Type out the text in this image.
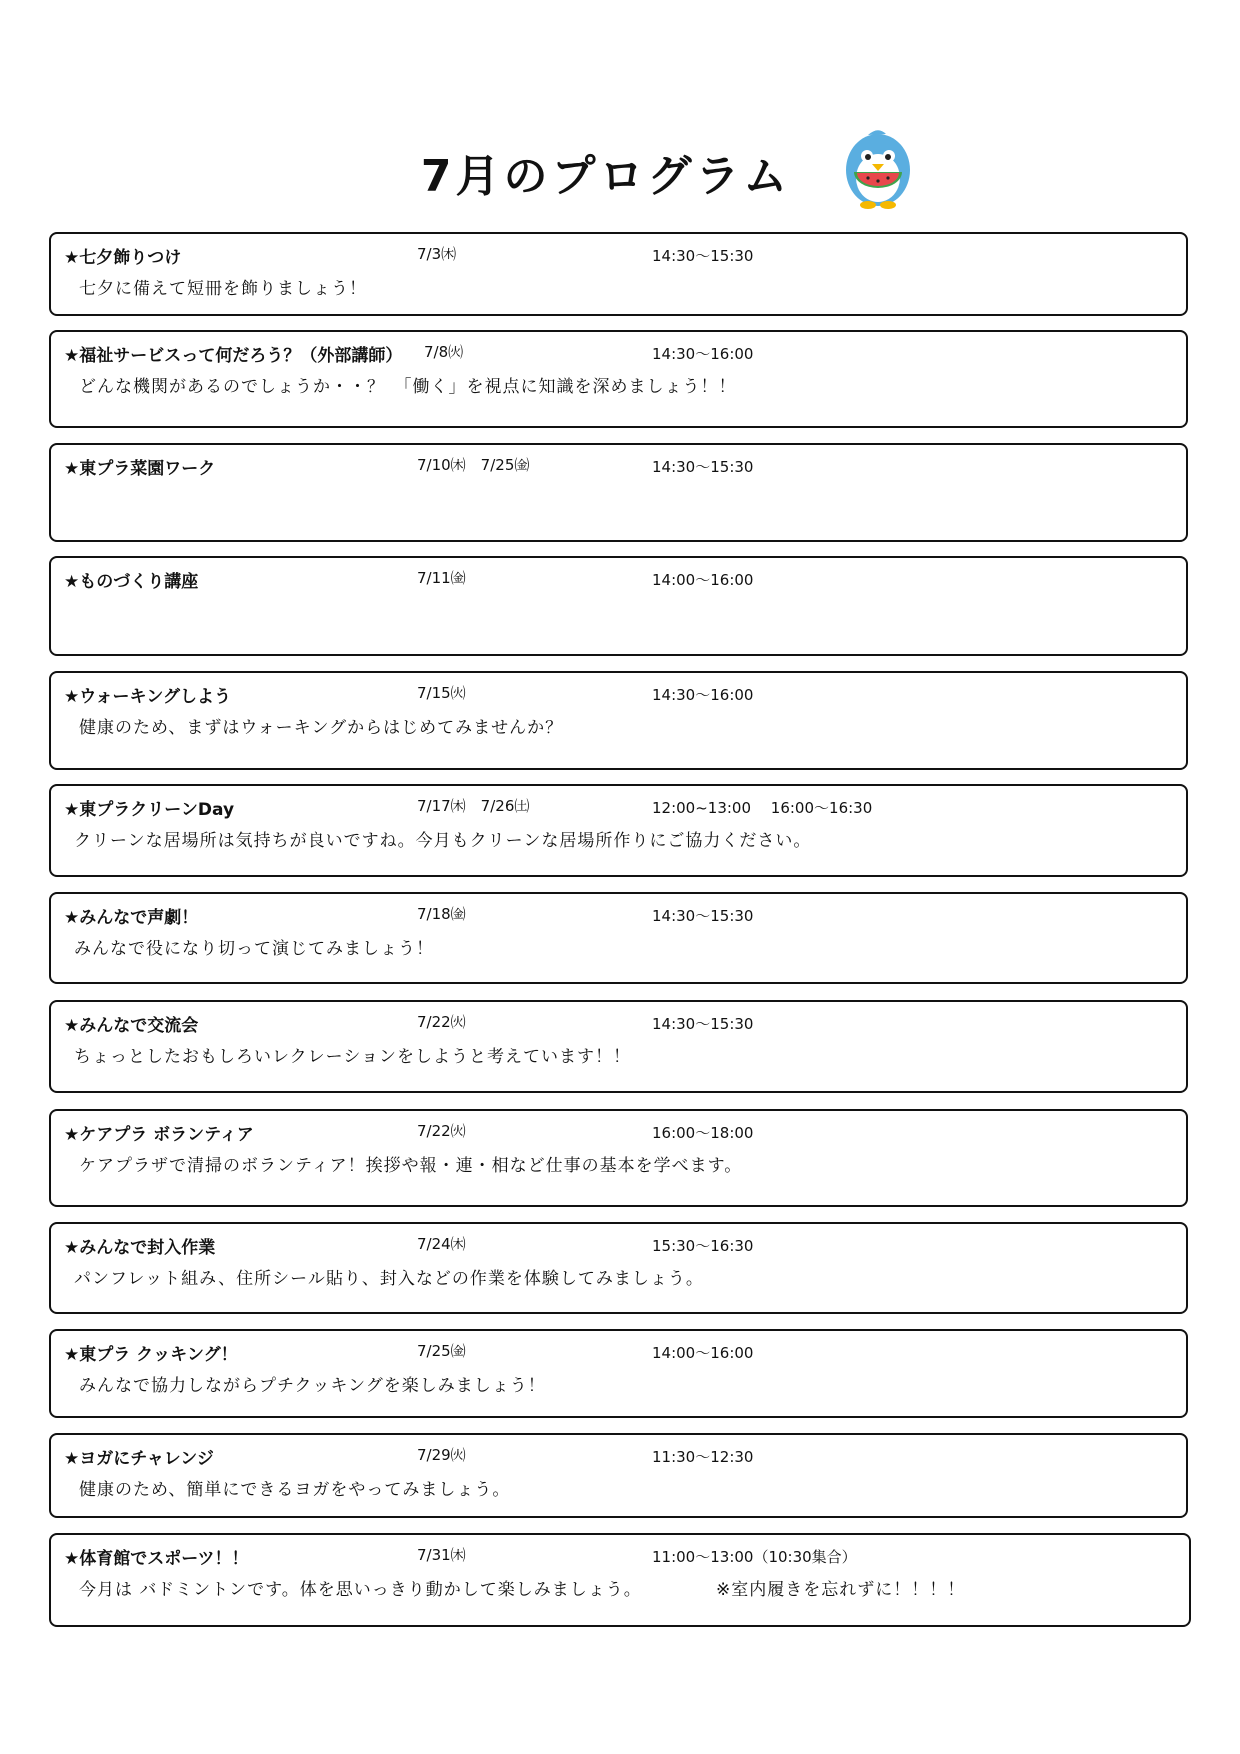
7月のプログラム
★七夕飾りつけ	7/3㈭	14:30〜15:30
七夕に備えて短冊を飾りましょう！
★福祉サービスって何だろう？（外部講師） 7/8㈫	14:30〜16:00
どんな機関があるのでしょうか・・？　「働く」を視点に知識を深めましょう！！
★東プラ菜園ワーク	7/10㈭　7/25㈮	14:30〜15:30
★ものづくり講座	7/11㈮	14:00〜16:00
★ウォーキングしよう	7/15㈫	14:30〜16:00
健康のため、まずはウォーキングからはじめてみませんか？
★東プラクリーンDay	7/17㈭　7/26㈯	12:00~13:00　 16:00〜16:30
クリーンな居場所は気持ちが良いですね。今月もクリーンな居場所作りにご協力ください。
★みんなで声劇！	7/18㈮	14:30〜15:30
みんなで役になり切って演じてみましょう！
★みんなで交流会	7/22㈫	14:30〜15:30
ちょっとしたおもしろいレクレーションをしようと考えています！！
★ケアプラ ボランティア	7/22㈫	16:00〜18:00
ケアプラザで清掃のボランティア！挨拶や報・連・相など仕事の基本を学べます。
★みんなで封入作業	7/24㈭	15:30〜16:30
パンフレット組み、住所シール貼り、封入などの作業を体験してみましょう。
★東プラ クッキング！	7/25㈮	14:00〜16:00
みんなで協力しながらプチクッキングを楽しみましょう！
★ヨガにチャレンジ	7/29㈫	11:30〜12:30
健康のため、簡単にできるヨガをやってみましょう。
★体育館でスポーツ！！	7/31㈭	11:00〜13:00（10:30集合）
今月は バドミントンです。体を思いっきり動かして楽しみましょう。	※室内履きを忘れずに！！！！
